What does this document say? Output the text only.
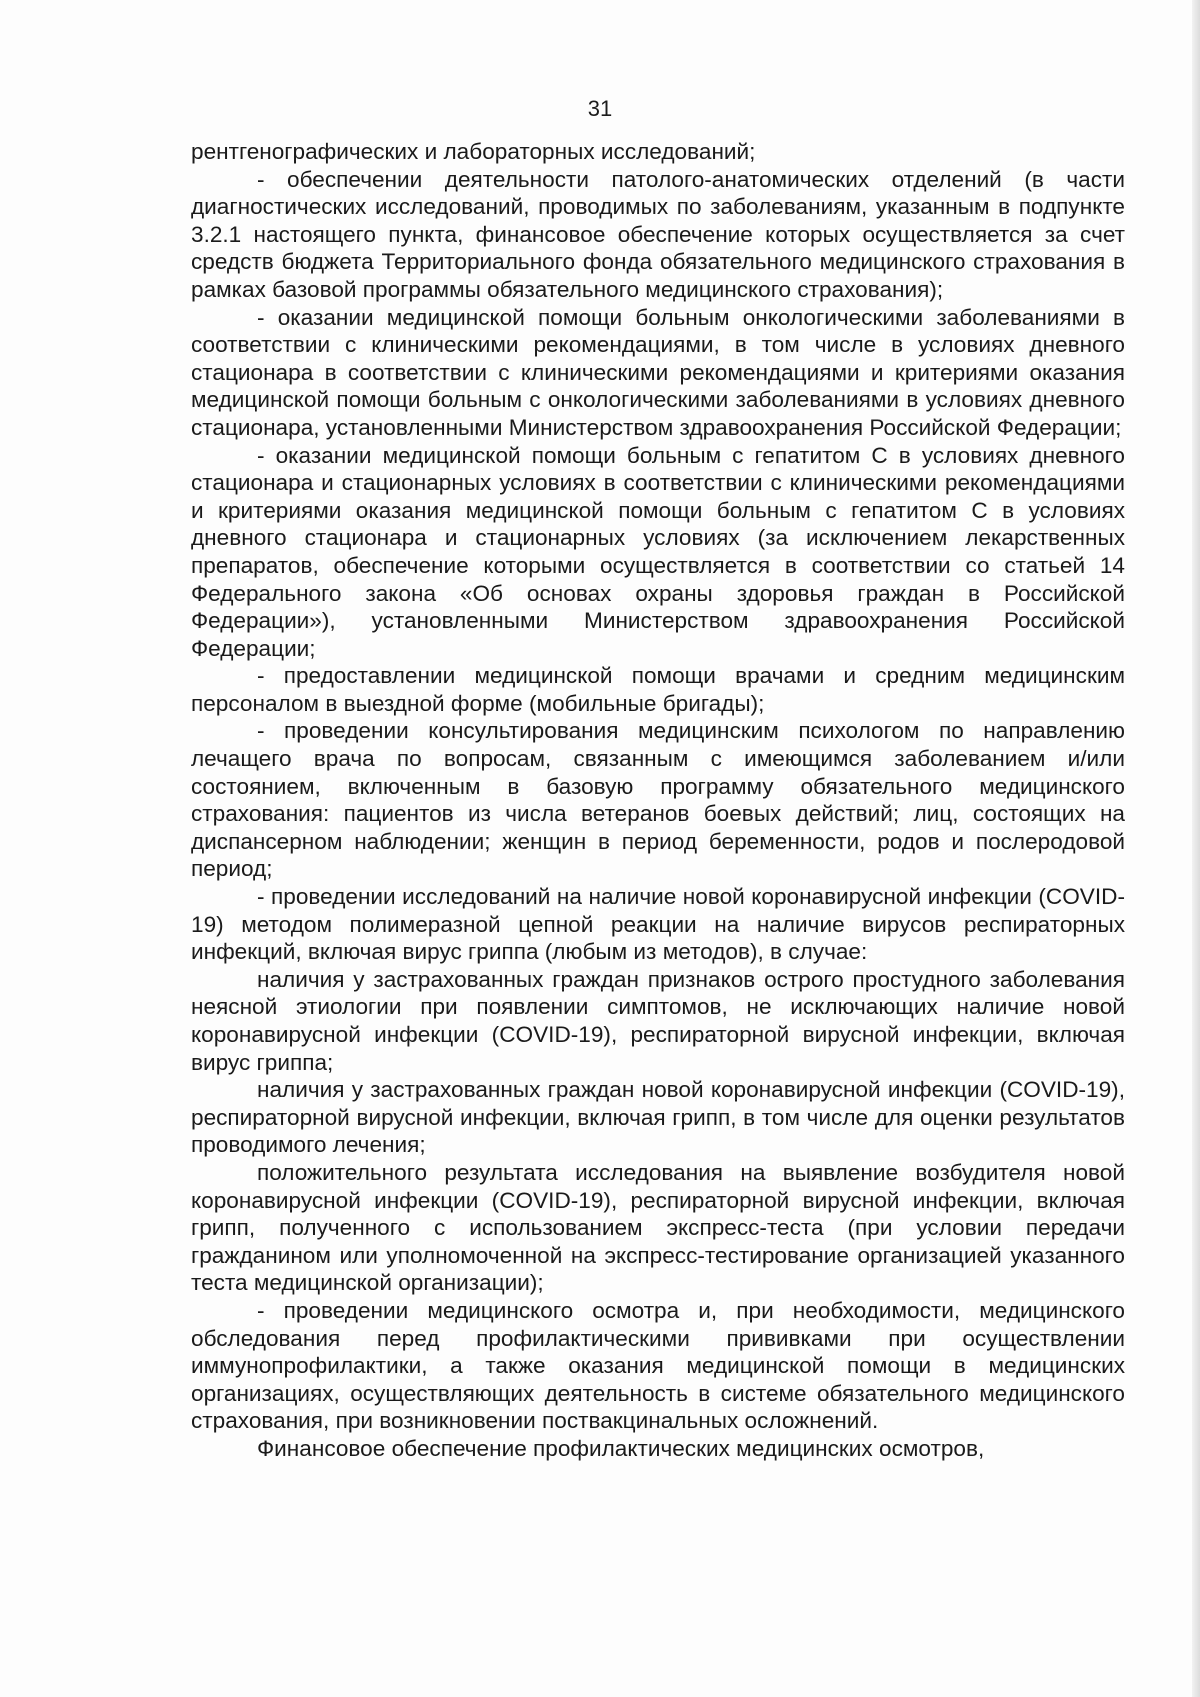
31

рентгенографических и лабораторных исследований;

- обеспечении деятельности патолого-анатомических отделений (в части диагностических исследований, проводимых по заболеваниям, указанным в подпункте 3.2.1 настоящего пункта, финансовое обеспечение которых осуществляется за счет средств бюджета Территориального фонда обязательного медицинского страхования в рамках базовой программы обязательного медицинского страхования);

- оказании медицинской помощи больным онкологическими заболеваниями в соответствии с клиническими рекомендациями, в том числе в условиях дневного стационара в соответствии с клиническими рекомендациями и критериями оказания медицинской помощи больным с онкологическими заболеваниями в условиях дневного стационара, установленными Министерством здравоохранения Российской Федерации;

- оказании медицинской помощи больным с гепатитом С в условиях дневного стационара и стационарных условиях в соответствии с клиническими рекомендациями и критериями оказания медицинской помощи больным с гепатитом С в условиях дневного стационара и стационарных условиях (за исключением лекарственных препаратов, обеспечение которыми осуществляется в соответствии со статьей 14 Федерального закона «Об основах охраны здоровья граждан в Российской Федерации»), установленными Министерством здравоохранения Российской Федерации;

- предоставлении медицинской помощи врачами и средним медицинским персоналом в выездной форме (мобильные бригады);

- проведении консультирования медицинским психологом по направлению лечащего врача по вопросам, связанным с имеющимся заболеванием и/или состоянием, включенным в базовую программу обязательного медицинского страхования: пациентов из числа ветеранов боевых действий; лиц, состоящих на диспансерном наблюдении; женщин в период беременности, родов и послеродовой период;

- проведении исследований на наличие новой коронавирусной инфекции (COVID-19) методом полимеразной цепной реакции на наличие вирусов респираторных инфекций, включая вирус гриппа (любым из методов), в случае:

наличия у застрахованных граждан признаков острого простудного заболевания неясной этиологии при появлении симптомов, не исключающих наличие новой коронавирусной инфекции (COVID-19), респираторной вирусной инфекции, включая вирус гриппа;

наличия у застрахованных граждан новой коронавирусной инфекции (COVID-19), респираторной вирусной инфекции, включая грипп, в том числе для оценки результатов проводимого лечения;

положительного результата исследования на выявление возбудителя новой коронавирусной инфекции (COVID-19), респираторной вирусной инфекции, включая грипп, полученного с использованием экспресс-теста (при условии передачи гражданином или уполномоченной на экспресс-тестирование организацией указанного теста медицинской организации);

- проведении медицинского осмотра и, при необходимости, медицинского обследования перед профилактическими прививками при осуществлении иммунопрофилактики, а также оказания медицинской помощи в медицинских организациях, осуществляющих деятельность в системе обязательного медицинского страхования, при возникновении поствакцинальных осложнений.

Финансовое обеспечение профилактических медицинских осмотров,
